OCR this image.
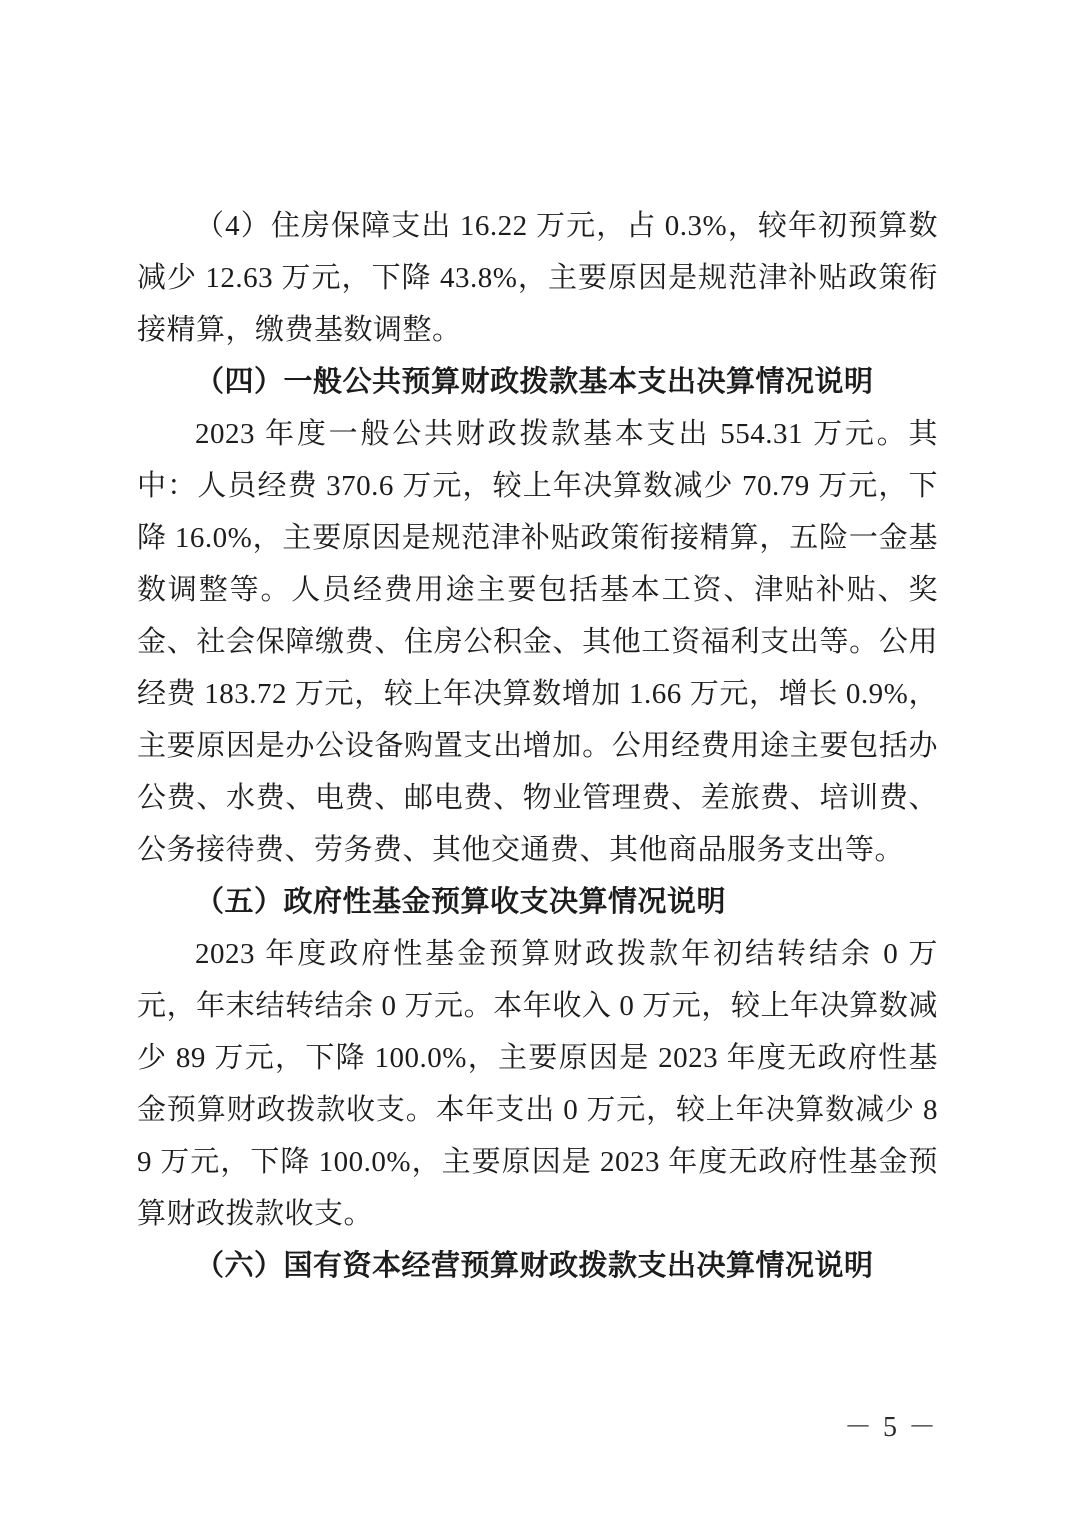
（4）住房保障支出 16.22 万元，占 0.3%，较年初预算数减少 12.63 万元，下降 43.8%，主要原因是规范津补贴政策衔接精算，缴费基数调整。

（四）一般公共预算财政拨款基本支出决算情况说明

2023 年度一般公共财政拨款基本支出 554.31 万元。其中：人员经费 370.6 万元，较上年决算数减少 70.79 万元，下降 16.0%，主要原因是规范津补贴政策衔接精算，五险一金基数调整等。人员经费用途主要包括基本工资、津贴补贴、奖金、社会保障缴费、住房公积金、其他工资福利支出等。公用经费 183.72 万元，较上年决算数增加 1.66 万元，增长 0.9%，主要原因是办公设备购置支出增加。公用经费用途主要包括办公费、水费、电费、邮电费、物业管理费、差旅费、培训费、公务接待费、劳务费、其他交通费、其他商品服务支出等。

（五）政府性基金预算收支决算情况说明

2023 年度政府性基金预算财政拨款年初结转结余 0 万元，年末结转结余 0 万元。本年收入 0 万元，较上年决算数减少 89 万元，下降 100.0%，主要原因是 2023 年度无政府性基金预算财政拨款收支。本年支出 0 万元，较上年决算数减少 89 万元，下降 100.0%，主要原因是 2023 年度无政府性基金预算财政拨款收支。

（六）国有资本经营预算财政拨款支出决算情况说明

－ 5 －
